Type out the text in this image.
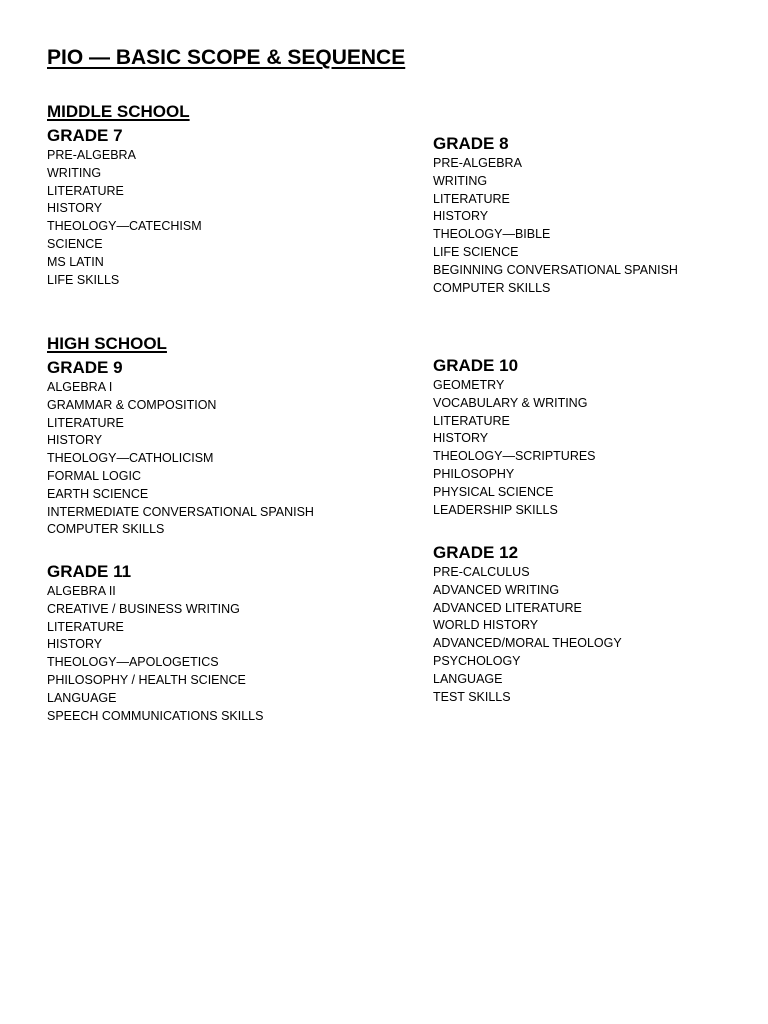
PIO — BASIC SCOPE & SEQUENCE
MIDDLE SCHOOL
GRADE 7
PRE-ALGEBRA
WRITING
LITERATURE
HISTORY
THEOLOGY—CATECHISM
SCIENCE
MS LATIN
LIFE SKILLS
GRADE 8
PRE-ALGEBRA
WRITING
LITERATURE
HISTORY
THEOLOGY—BIBLE
LIFE SCIENCE
BEGINNING CONVERSATIONAL SPANISH
COMPUTER SKILLS
HIGH SCHOOL
GRADE 9
ALGEBRA I
GRAMMAR & COMPOSITION
LITERATURE
HISTORY
THEOLOGY—CATHOLICISM
FORMAL LOGIC
EARTH SCIENCE
INTERMEDIATE CONVERSATIONAL SPANISH
COMPUTER SKILLS
GRADE 10
GEOMETRY
VOCABULARY & WRITING
LITERATURE
HISTORY
THEOLOGY—SCRIPTURES
PHILOSOPHY
PHYSICAL SCIENCE
LEADERSHIP SKILLS
GRADE 11
ALGEBRA II
CREATIVE / BUSINESS WRITING
LITERATURE
HISTORY
THEOLOGY—APOLOGETICS
PHILOSOPHY / HEALTH SCIENCE
LANGUAGE
SPEECH COMMUNICATIONS SKILLS
GRADE 12
PRE-CALCULUS
ADVANCED WRITING
ADVANCED LITERATURE
WORLD HISTORY
ADVANCED/MORAL THEOLOGY
PSYCHOLOGY
LANGUAGE
TEST SKILLS
